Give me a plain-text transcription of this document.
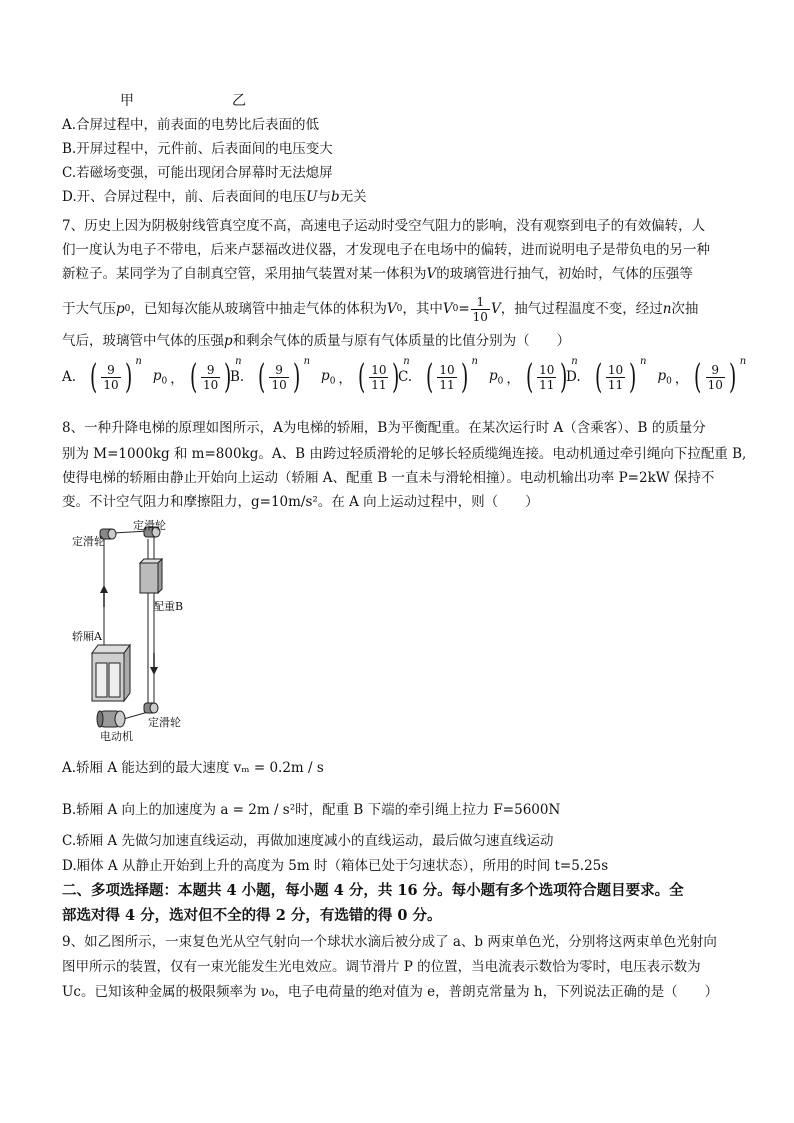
甲	乙
A.合屏过程中，前表面的电势比后表面的低
B.开屏过程中，元件前、后表面间的电压变大
C.若磁场变强，可能出现闭合屏幕时无法熄屏
D.开、合屏过程中，前、后表面间的电压U与b无关
7、历史上因为阴极射线管真空度不高，高速电子运动时受空气阻力的影响，没有观察到电子的有效偏转，人
们一度认为电子不带电，后来卢瑟福改进仪器，才发现电子在电场中的偏转，进而说明电子是带负电的另一种
新粒子。某同学为了自制真空管，采用抽气装置对某一体积为V的玻璃管进行抽气，初始时，气体的压强等
于大气压 p 0 ，已知每次能从玻璃管中抽走气体的体积为 V 0 ，其中 V $0 = \frac{1}{10}$ V ，抽气过程温度不变，经过 n 次抽
气后，玻璃管中气体的压强p和剩余气体的质量与原有气体质量的比值分别为（　　）
A. ( $\frac{9}{10}$ ) $^n$
$p_0$ ， ( $\frac{9}{10}$ ) $^n$
B. ( $\frac{9}{10}$ ) $^n$
$p_0$ ， ( $\frac{10}{11}$ ) $^n$
C. ( $\frac{10}{11}$ ) $^n$
$p_0$ ， ( $\frac{10}{11}$ ) $^n$
D. ( $\frac{10}{11}$ ) $^n$
$p_0$ ， ( $\frac{9}{10}$ ) $^n$
8、一种升降电梯的原理如图所示，A为电梯的轿厢，B为平衡配重。在某次运行时 A（含乘客）、B 的质量分
别为 M=1000kg 和 m=800kg。A、B 由跨过轻质滑轮的足够长轻质缆绳连接。电动机通过牵引绳向下拉配重 B,
使得电梯的轿厢由静止开始向上运动（轿厢 A、配重 B 一直未与滑轮相撞）。电动机输出功率 P=2kW 保持不
变。不计空气阻力和摩擦阻力，g=10m/s²。在 A 向上运动过程中，则（　　）
定滑轮
定滑轮
配重B
轿厢A
定滑轮
电动机
A.轿厢 A 能达到的最大速度 vₘ = 0.2m / s
B.轿厢 A 向上的加速度为 a = 2m / s²时，配重 B 下端的牵引绳上拉力 F=5600N
C.轿厢 A 先做匀加速直线运动，再做加速度减小的直线运动，最后做匀速直线运动
D.厢体 A 从静止开始到上升的高度为 5m 时（箱体已处于匀速状态），所用的时间 t=5.25s
二、多项选择题：本题共 4 小题，每小题 4 分，共 16 分。每小题有多个选项符合题目要求。全
部选对得 4 分，选对但不全的得 2 分，有选错的得 0 分。
9、如乙图所示，一束复色光从空气射向一个球状水滴后被分成了 a、b 两束单色光，分别将这两束单色光射向
图甲所示的装置，仅有一束光能发生光电效应。调节滑片 P 的位置，当电流表示数恰为零时，电压表示数为
Uc。已知该种金属的极限频率为 ν₀，电子电荷量的绝对值为 e，普朗克常量为 h，下列说法正确的是（　　）
